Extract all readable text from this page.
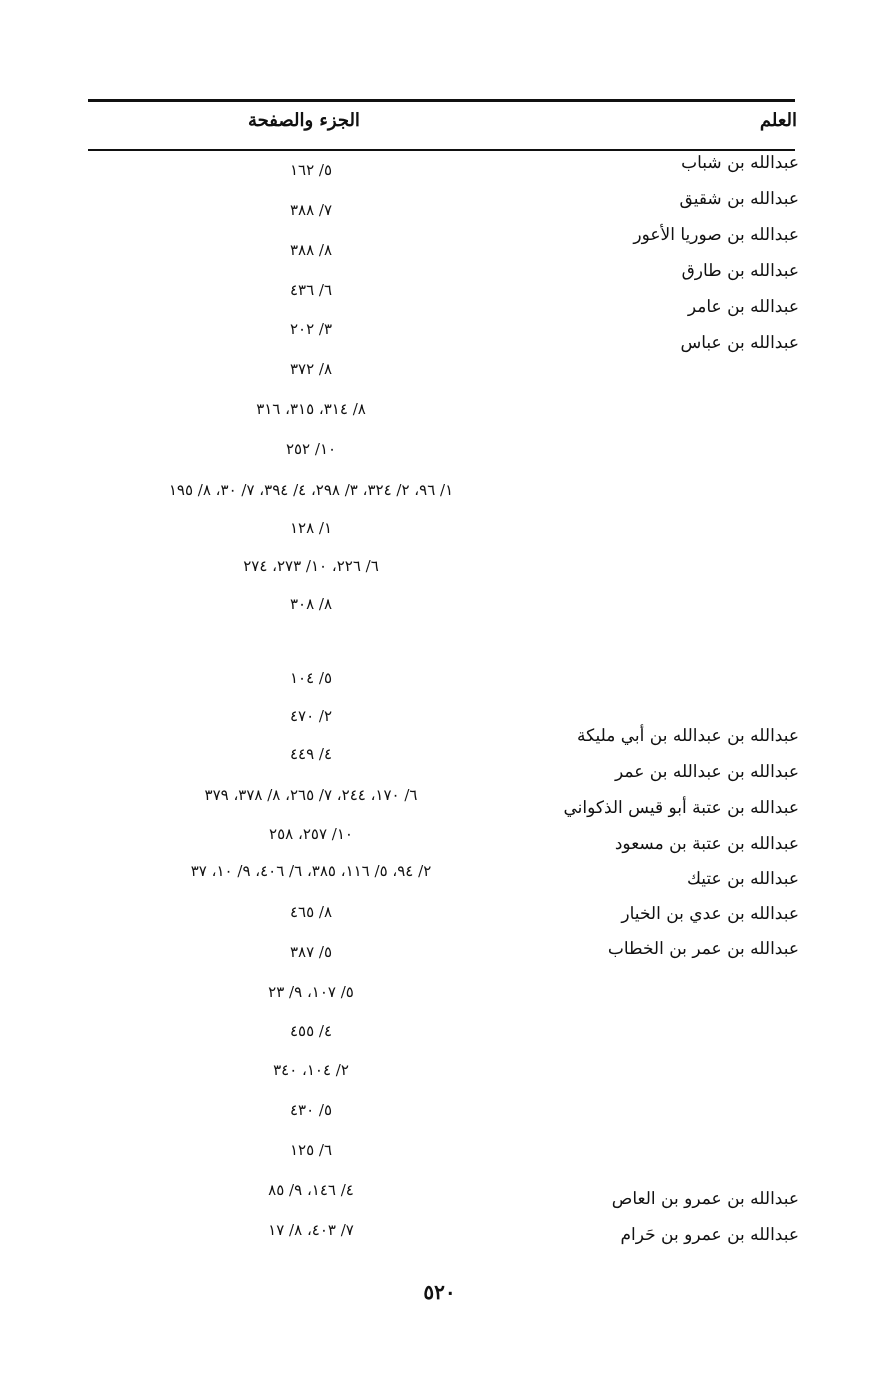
العلم
الجزء والصفحة
عبدالله بن شباب
عبدالله بن شقيق
عبدالله بن صوريا الأعور
عبدالله بن طارق
عبدالله بن عامر
عبدالله بن عباس
عبدالله بن عبدالله بن أبي مليكة
عبدالله بن عبدالله بن عمر
عبدالله بن عتبة أبو قيس الذكواني
عبدالله بن عتبة بن مسعود
عبدالله بن عتيك
عبدالله بن عدي بن الخيار
عبدالله بن عمر بن الخطاب
عبدالله بن عمرو بن العاص
عبدالله بن عمرو بن حَرام
٥/ ١٦٢
٧/ ٣٨٨
٨/ ٣٨٨
٦/ ٤٣٦
٣/ ٢٠٢
٨/ ٣٧٢
٨/ ٣١٤، ٣١٥، ٣١٦
١٠/ ٢٥٢
١/ ٩٦، ٢/ ٣٢٤، ٣/ ٢٩٨، ٤/ ٣٩٤، ٧/ ٣٠، ٨/ ١٩٥
١/ ١٢٨
٦/ ٢٢٦، ١٠/ ٢٧٣، ٢٧٤
٨/ ٣٠٨
٥/ ١٠٤
٢/ ٤٧٠
٤/ ٤٤٩
٦/ ١٧٠، ٢٤٤، ٧/ ٢٦٥، ٨/ ٣٧٨، ٣٧٩
١٠/ ٢٥٧، ٢٥٨
٢/ ٩٤، ٥/ ١١٦، ٣٨٥، ٦/ ٤٠٦، ٩/ ١٠، ٣٧
٨/ ٤٦٥
٥/ ٣٨٧
٥/ ١٠٧، ٩/ ٢٣
٤/ ٤٥٥
٢/ ١٠٤، ٣٤٠
٥/ ٤٣٠
٦/ ١٢٥
٤/ ١٤٦، ٩/ ٨٥
٧/ ٤٠٣، ٨/ ١٧
٥٢٠
